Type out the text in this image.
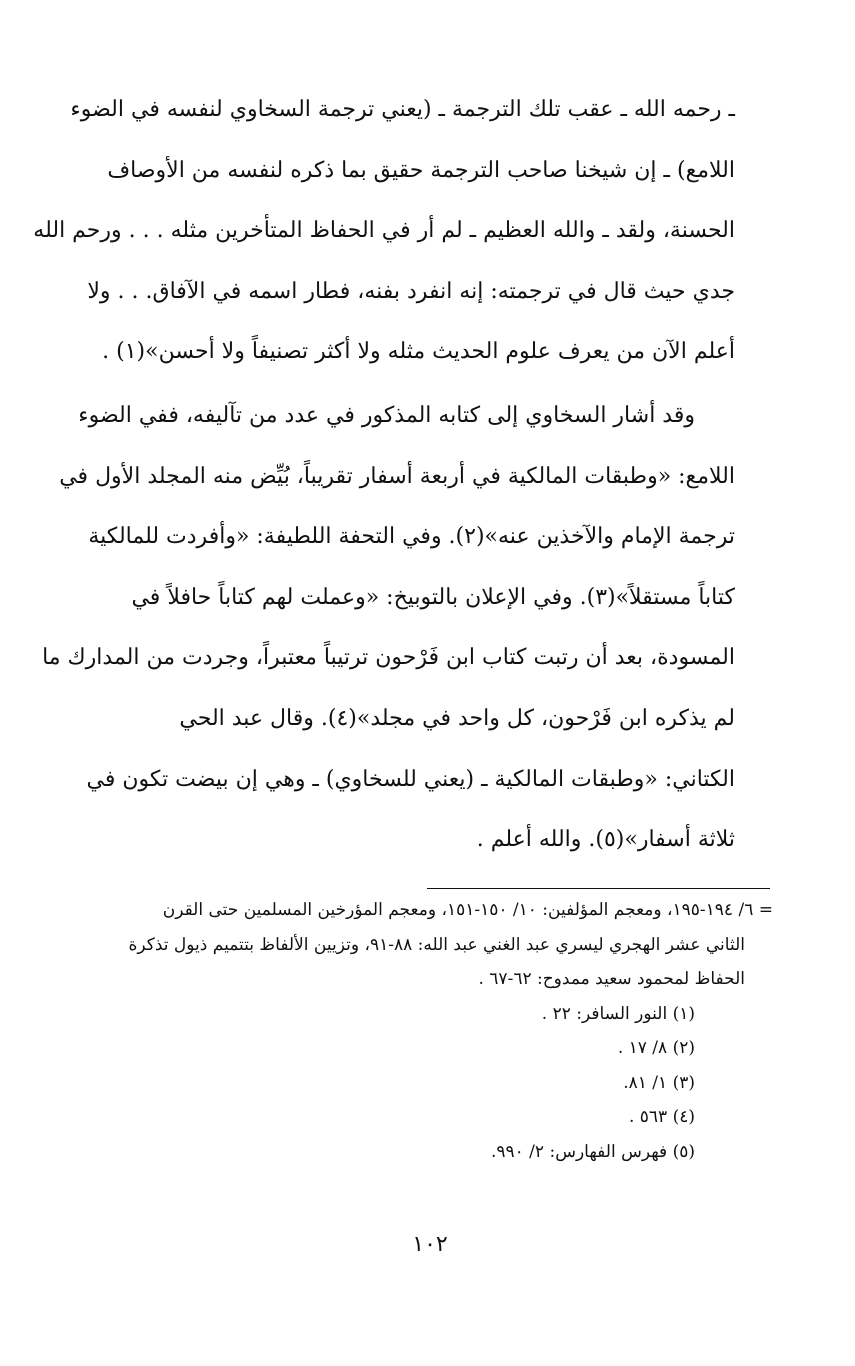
ـ رحمه الله ـ عقب تلك الترجمة ـ (يعني ترجمة السخاوي لنفسه في الضوء
اللامع) ـ إن شيخنا صاحب الترجمة حقيق بما ذكره لنفسه من الأوصاف
الحسنة، ولقد ـ والله العظيم ـ لم أر في الحفاظ المتأخرين مثله . . . ورحم الله
جدي حيث قال في ترجمته: إنه انفرد بفنه، فطار اسمه في الآفاق. . . ولا
أعلم الآن من يعرف علوم الحديث مثله ولا أكثر تصنيفاً ولا أحسن»(١) .

وقد أشار السخاوي إلى كتابه المذكور في عدد من تآليفه، ففي الضوء
اللامع: «وطبقات المالكية في أربعة أسفار تقريباً، بُيِّض منه المجلد الأول في
ترجمة الإمام والآخذين عنه»(٢). وفي التحفة اللطيفة: «وأفردت للمالكية
كتاباً مستقلاً»(٣). وفي الإعلان بالتوبيخ: «وعملت لهم كتاباً حافلاً في
المسودة، بعد أن رتبت كتاب ابن فَرْحون ترتيباً معتبراً، وجردت من المدارك ما
لم يذكره ابن فَرْحون، كل واحد في مجلد»(٤). وقال عبد الحي
الكتاني: «وطبقات المالكية ـ (يعني للسخاوي) ـ وهي إن بيضت تكون في
ثلاثة أسفار»(٥). والله أعلم .

= ٦/ ١٩٤-١٩٥، ومعجم المؤلفين: ١٠/ ١٥٠-١٥١، ومعجم المؤرخين المسلمين حتى القرن
الثاني عشر الهجري ليسري عبد الغني عبد الله: ٨٨-٩١، وتزيين الألفاظ بتتميم ذيول تذكرة
الحفاظ لمحمود سعيد ممدوح: ٦٢-٦٧ .
(١) النور السافر: ٢٢ .
(٢) ٨/ ١٧ .
(٣) ١/ ٨١.
(٤) ٥٦٣ .
(٥) فهرس الفهارس: ٢/ ٩٩٠.
١٠٢
